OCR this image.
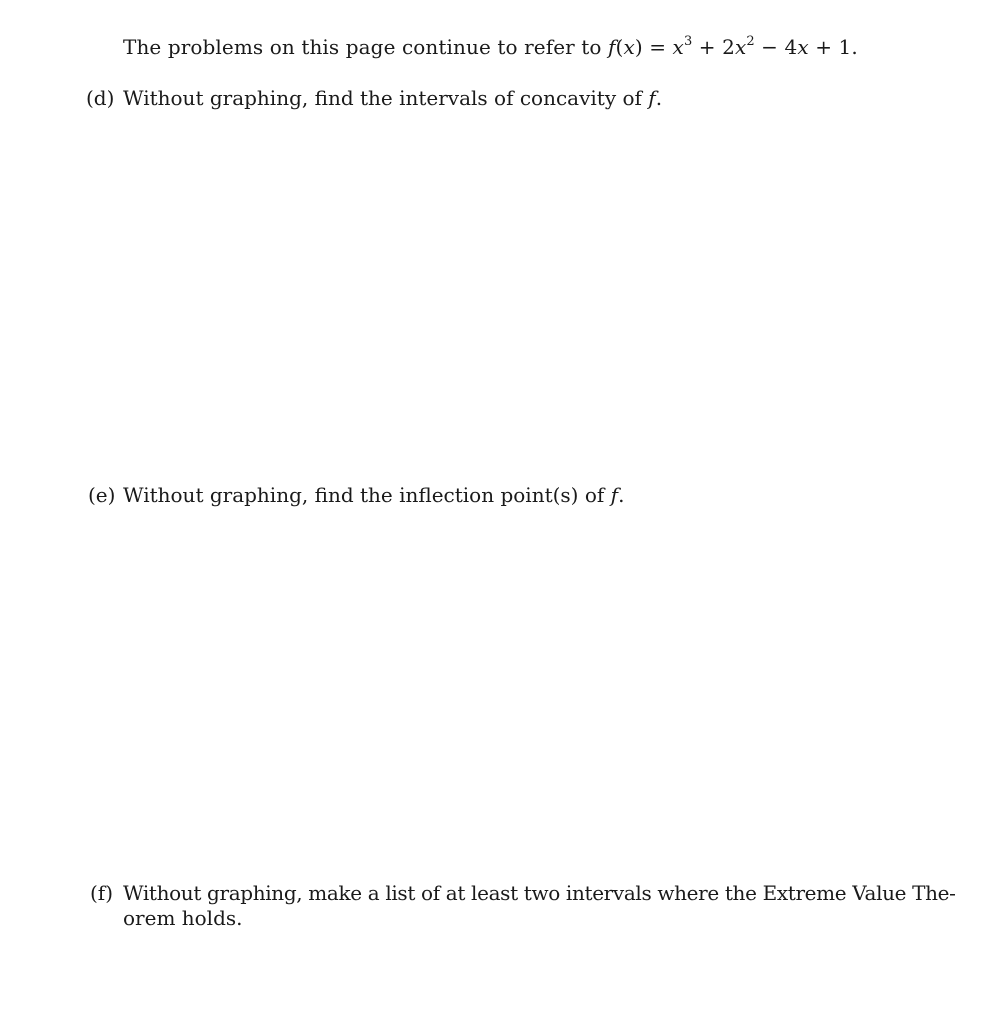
The problems on this page continue to refer to $f(x) = x^3 + 2x^2 - 4x + 1$.
(d) Without graphing, find the intervals of concavity of f.
(e) Without graphing, find the inflection point(s) of f.
(f) Without graphing, make a list of at least two intervals where the Extreme Value The-
orem holds.
